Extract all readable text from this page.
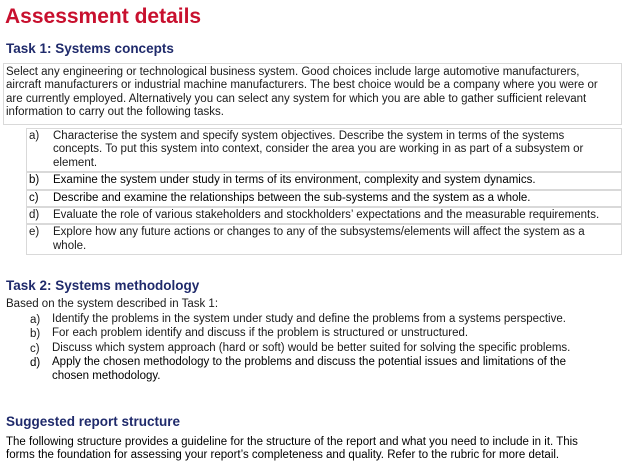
Assessment details
Task 1: Systems concepts
Select any engineering or technological business system. Good choices include large automotive manufacturers,
aircraft manufacturers or industrial machine manufacturers. The best choice would be a company where you were or
are currently employed. Alternatively you can select any system for which you are able to gather sufficient relevant
information to carry out the following tasks.
a) Characterise the system and specify system objectives. Describe the system in terms of the systems
concepts. To put this system into context, consider the area you are working in as part of a subsystem or
element.
b) Examine the system under study in terms of its environment, complexity and system dynamics.
c) Describe and examine the relationships between the sub-systems and the system as a whole.
d) Evaluate the role of various stakeholders and stockholders’ expectations and the measurable requirements.
e) Explore how any future actions or changes to any of the subsystems/elements will affect the system as a
whole.
Task 2: Systems methodology
Based on the system described in Task 1:
a) Identify the problems in the system under study and define the problems from a systems perspective.
b) For each problem identify and discuss if the problem is structured or unstructured.
c) Discuss which system approach (hard or soft) would be better suited for solving the specific problems.
d) Apply the chosen methodology to the problems and discuss the potential issues and limitations of the
chosen methodology.
Suggested report structure
The following structure provides a guideline for the structure of the report and what you need to include in it. This
forms the foundation for assessing your report’s completeness and quality. Refer to the rubric for more detail.
